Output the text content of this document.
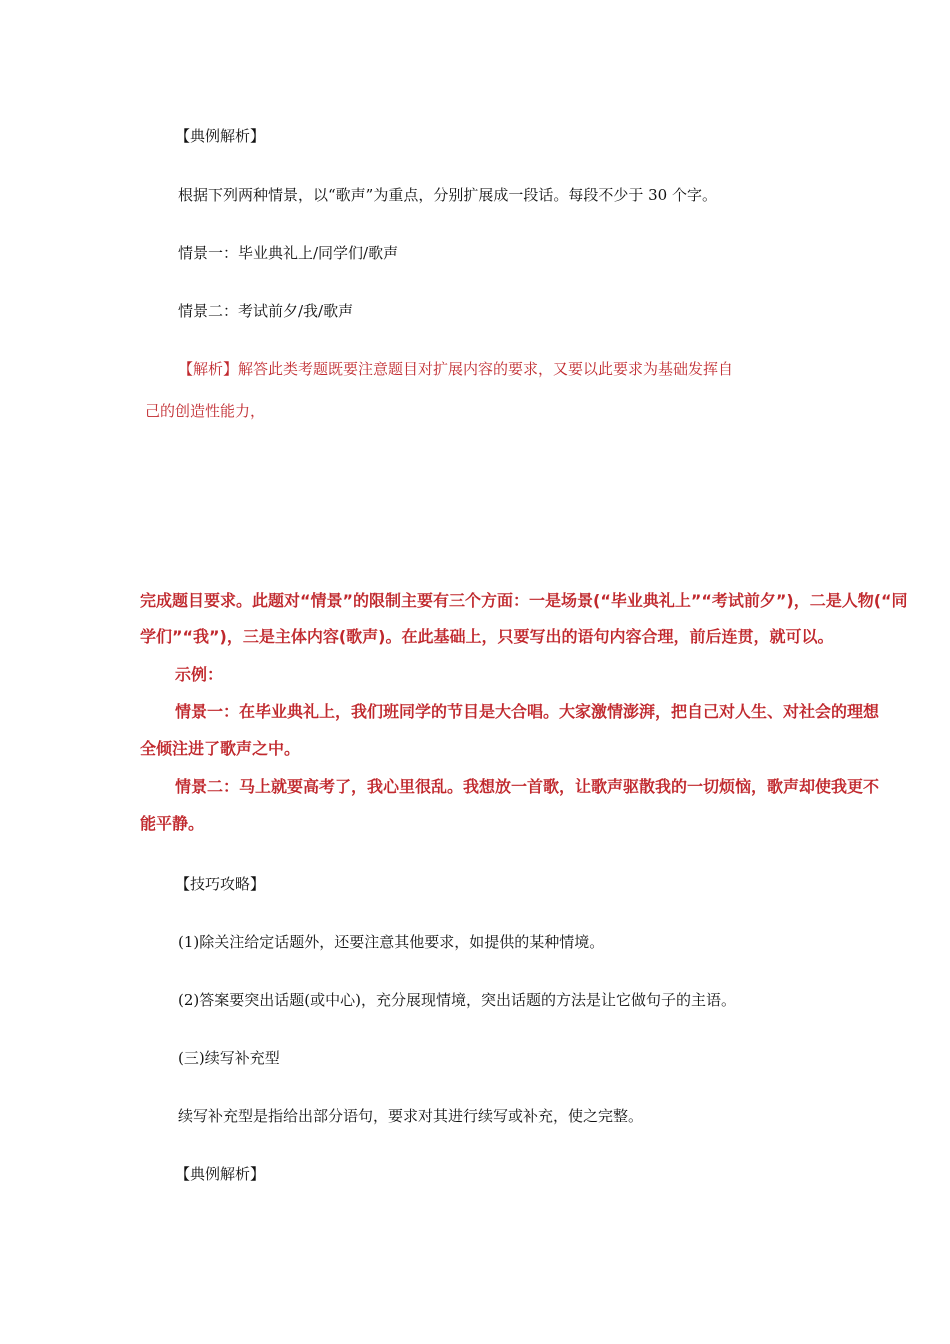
【典例解析】
根据下列两种情景，以“歌声”为重点，分别扩展成一段话。每段不少于 30 个字。
情景一：毕业典礼上/同学们/歌声
情景二：考试前夕/我/歌声
【解析】解答此类考题既要注意题目对扩展内容的要求，又要以此要求为基础发挥自
己的创造性能力，
完成题目要求。此题对“情景”的限制主要有三个方面：一是场景(“毕业典礼上”“考试前夕”)，二是人物(“同
学们”“我”)，三是主体内容(歌声)。在此基础上，只要写出的语句内容合理，前后连贯，就可以。
示例：
情景一：在毕业典礼上，我们班同学的节目是大合唱。大家激情澎湃，把自己对人生、对社会的理想
全倾注进了歌声之中。
情景二：马上就要高考了，我心里很乱。我想放一首歌，让歌声驱散我的一切烦恼，歌声却使我更不
能平静。
【技巧攻略】
(1)除关注给定话题外，还要注意其他要求，如提供的某种情境。
(2)答案要突出话题(或中心)，充分展现情境，突出话题的方法是让它做句子的主语。
(三)续写补充型
续写补充型是指给出部分语句，要求对其进行续写或补充，使之完整。
【典例解析】
